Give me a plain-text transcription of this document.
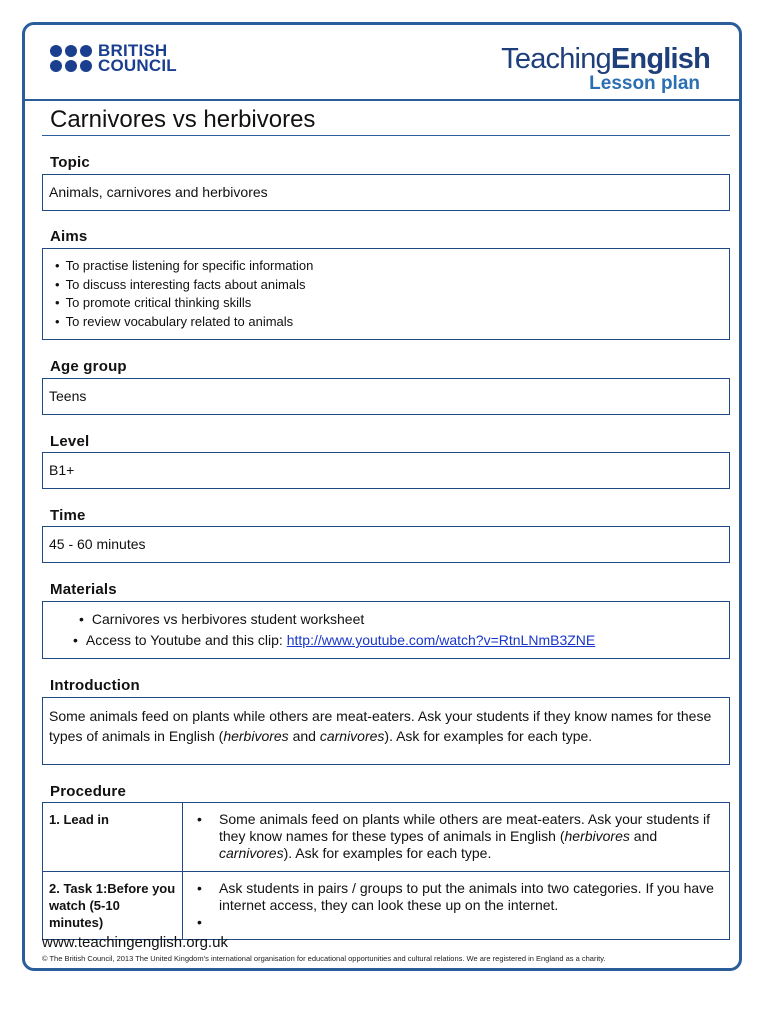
BRITISH
COUNCIL	TeachingEnglish
Lesson plan
Carnivores vs herbivores
Topic
Animals, carnivores and herbivores
Aims
• To practise listening for specific information
• To discuss interesting facts about animals
• To promote critical thinking skills
• To review vocabulary related to animals
Age group
Teens
Level
B1+
Time
45 - 60 minutes
Materials
• Carnivores vs herbivores student worksheet
• Access to Youtube and this clip: http://www.youtube.com/watch?v=RtnLNmB3ZNE
Introduction

Some animals feed on plants while others are meat-eaters. Ask your students if they know names for these types of animals in English (herbivores and carnivores). Ask for examples for each type.

Procedure
1. Lead in	• Some animals feed on plants while others are meat-eaters. Ask your students if they know names for these types of animals in English (herbivores and carnivores). Ask for examples for each type.

2. Task 1:Before you watch (5-10 minutes)	• Ask students in pairs / groups to put the animals into two categories. If you have internet access, they can look these up on the internet.
•
www.teachingenglish.org.uk
© The British Council, 2013 The United Kingdom’s international organisation for educational opportunities and cultural relations. We are registered in England as a charity.
